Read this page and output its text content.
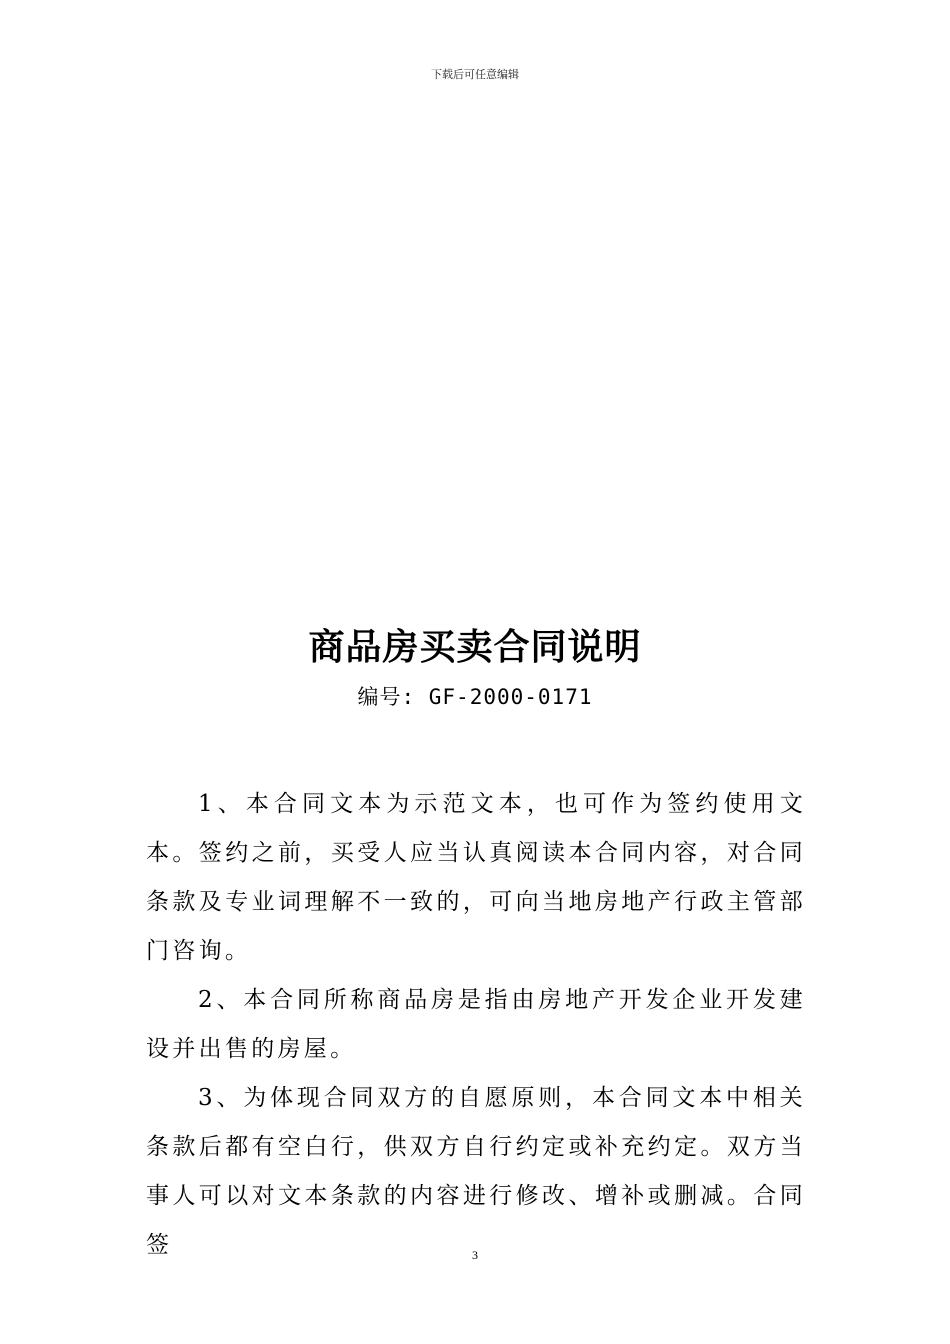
下载后可任意编辑
商品房买卖合同说明
编号: GF-2000-0171

1、本合同文本为示范文本，也可作为签约使用文本。签约之前，买受人应当认真阅读本合同内容，对合同条款及专业词理解不一致的，可向当地房地产行政主管部门咨询。

2、本合同所称商品房是指由房地产开发企业开发建设并出售的房屋。

3、为体现合同双方的自愿原则，本合同文本中相关条款后都有空白行，供双方自行约定或补充约定。双方当事人可以对文本条款的内容进行修改、增补或删减。合同签	3
